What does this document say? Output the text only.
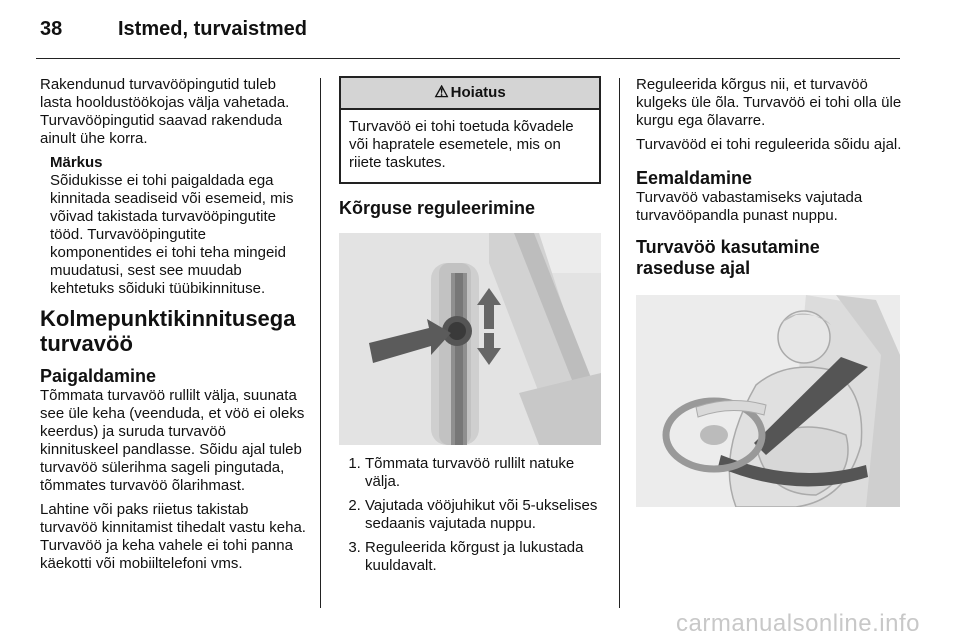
38	Istmed, turvaistmed

Rakendunud turvavööpingutid tuleb lasta hooldustöökojas välja vahetada. Turvavööpingutid saavad rakenduda ainult ühe korra.

Märkus
Sõidukisse ei tohi paigaldada ega kinnitada seadiseid või esemeid, mis võivad takistada turvavööpingutite tööd. Turvavööpingutite komponentides ei tohi teha mingeid muudatusi, sest see muudab kehtetuks sõiduki tüübikinnituse.
Kolmepunktikinnitusega turvavöö
Paigaldamine

Tõmmata turvavöö rullilt välja, suunata see üle keha (veenduda, et vöö ei oleks keerdus) ja suruda turvavöö kinnituskeel pandlasse. Sõidu ajal tuleb turvavöö sülerihma sageli pingutada, tõmmates turvavöö õlarihmast.

Lahtine või paks riietus takistab turvavöö kinnitamist tihedalt vastu keha. Turvavöö ja keha vahele ei tohi panna käekotti või mobiiltelefoni vms.

⚠ Hoiatus
Turvavöö ei tohi toetuda kõvadele või hapratele esemetele, mis on riiete taskutes.
Kõrguse reguleerimine
1. Tõmmata turvavöö rullilt natuke välja.
2. Vajutada vööjuhikut või 5-ukselises sedaanis vajutada nuppu.
3. Reguleerida kõrgust ja lukustada kuuldavalt.

Reguleerida kõrgus nii, et turvavöö kulgeks üle õla. Turvavöö ei tohi olla üle kurgu ega õlavarre.

Turvavööd ei tohi reguleerida sõidu ajal.

Eemaldamine

Turvavöö vabastamiseks vajutada turvavööpandla punast nuppu.

Turvavöö kasutamine raseduse ajal
carmanualsonline.info
